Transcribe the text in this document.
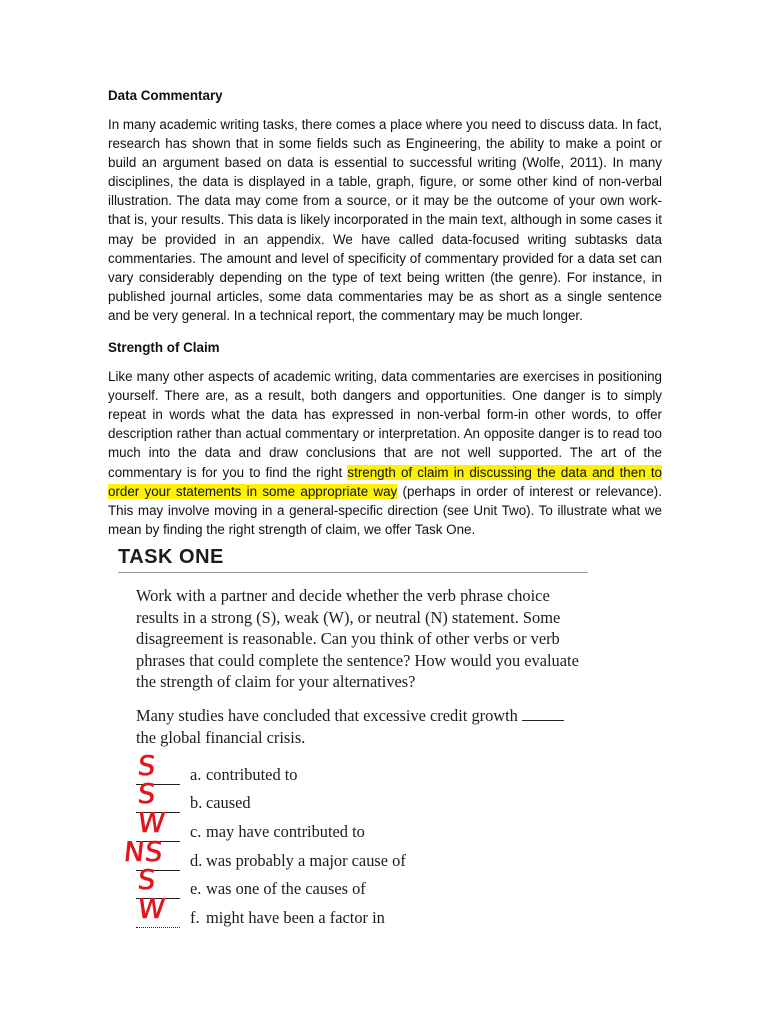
Data Commentary

In many academic writing tasks, there comes a place where you need to discuss data. In fact, research has shown that in some fields such as Engineering, the ability to make a point or build an argument based on data is essential to successful writing (Wolfe, 2011). In many disciplines, the data is displayed in a table, graph, figure, or some other kind of non-verbal illustration. The data may come from a source, or it may be the outcome of your own work-that is, your results. This data is likely incorporated in the main text, although in some cases it may be provided in an appendix. We have called data-focused writing subtasks data commentaries. The amount and level of specificity of commentary provided for a data set can vary considerably depending on the type of text being written (the genre). For instance, in published journal articles, some data commentaries may be as short as a single sentence and be very general. In a technical report, the commentary may be much longer.

Strength of Claim

Like many other aspects of academic writing, data commentaries are exercises in positioning yourself. There are, as a result, both dangers and opportunities. One danger is to simply repeat in words what the data has expressed in non-verbal form-in other words, to offer description rather than actual commentary or interpretation. An opposite danger is to read too much into the data and draw conclusions that are not well supported. The art of the commentary is for you to find the right strength of claim in discussing the data and then to order your statements in some appropriate way (perhaps in order of interest or relevance). This may involve moving in a general-specific direction (see Unit Two). To illustrate what we mean by finding the right strength of claim, we offer Task One.

TASK ONE
Work with a partner and decide whether the verb phrase choice results in a strong (S), weak (W), or neutral (N) statement. Some disagreement is reasonable. Can you think of other verbs or verb phrases that could complete the sentence? How would you evaluate the strength of claim for your alternatives?
Many studies have concluded that excessive credit growth  the global financial crisis.
S a. contributed to
S b. caused
W c. may have contributed to
NS d. was probably a major cause of
S e. was one of the causes of
W f. might have been a factor in
